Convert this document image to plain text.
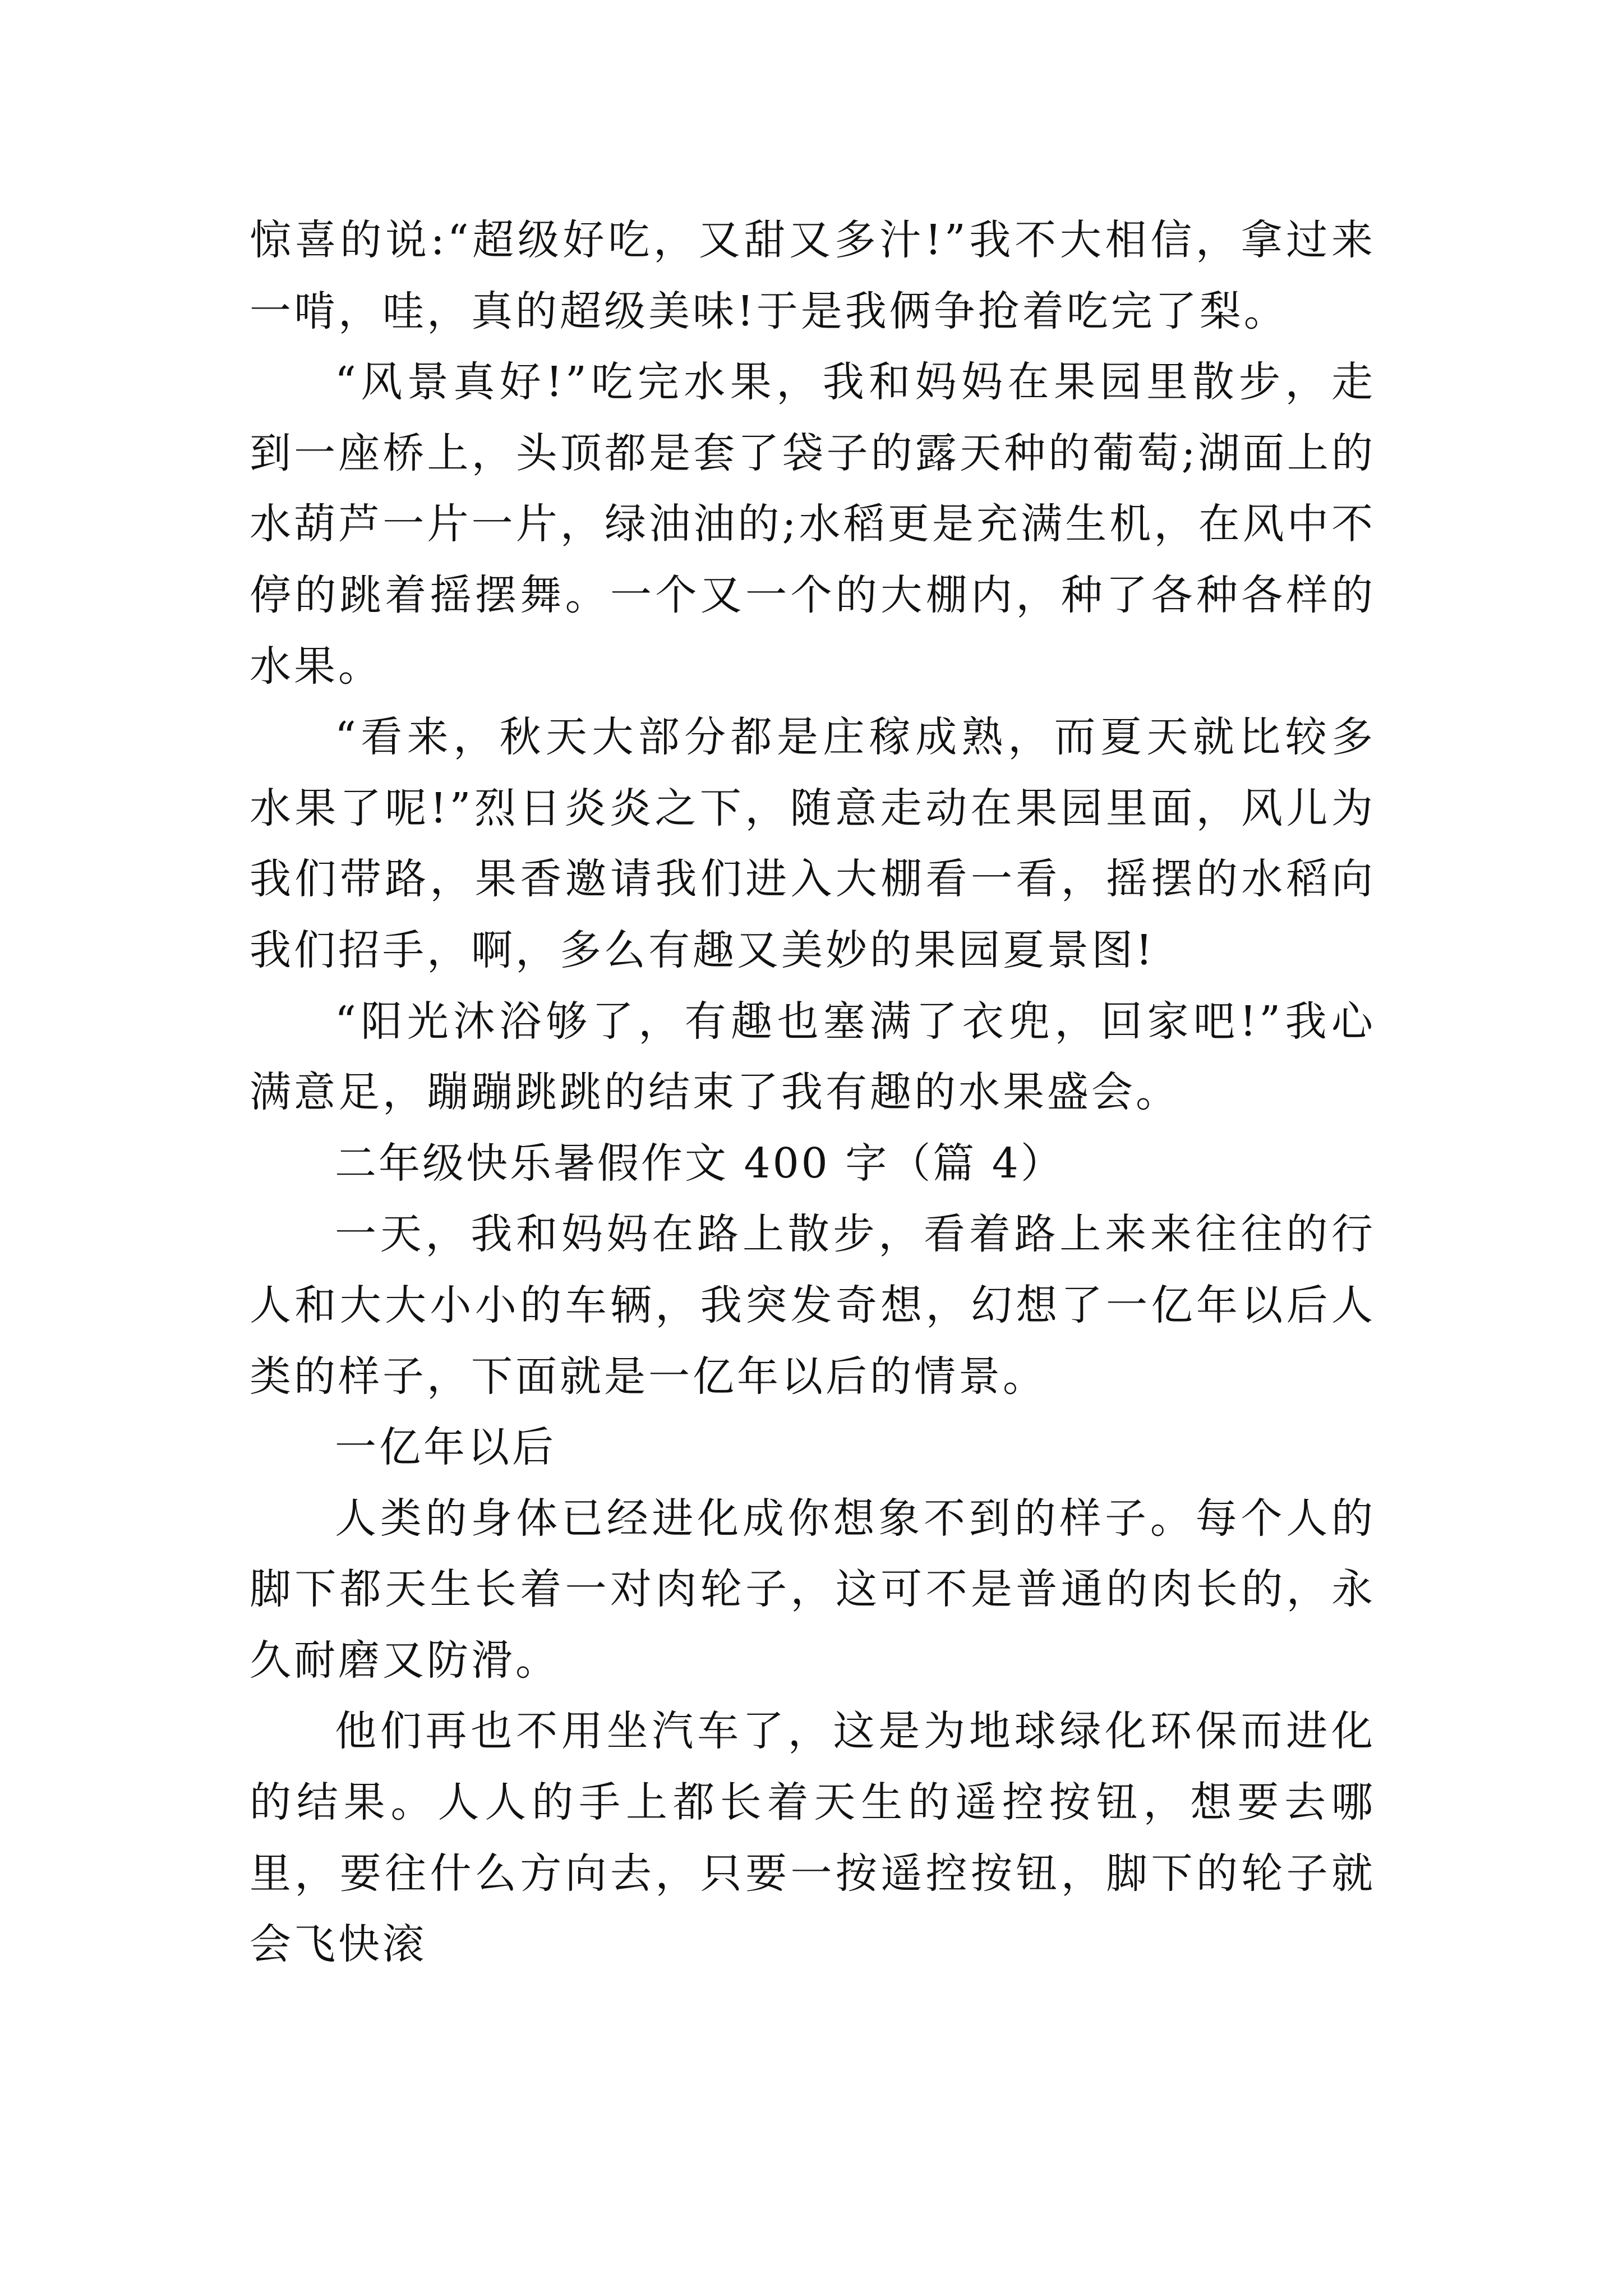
惊喜的说:“超级好吃，又甜又多汁!”我不大相信，拿过来一啃，哇，真的超级美味!于是我俩争抢着吃完了梨。

“风景真好!”吃完水果，我和妈妈在果园里散步，走到一座桥上，头顶都是套了袋子的露天种的葡萄;湖面上的水葫芦一片一片，绿油油的;水稻更是充满生机，在风中不停的跳着摇摆舞。一个又一个的大棚内，种了各种各样的水果。

“看来，秋天大部分都是庄稼成熟，而夏天就比较多水果了呢!”烈日炎炎之下，随意走动在果园里面，风儿为我们带路，果香邀请我们进入大棚看一看，摇摆的水稻向我们招手，啊，多么有趣又美妙的果园夏景图!

“阳光沐浴够了，有趣也塞满了衣兜，回家吧!”我心满意足，蹦蹦跳跳的结束了我有趣的水果盛会。

二年级快乐暑假作文 400 字（篇 4）

一天，我和妈妈在路上散步，看着路上来来往往的行人和大大小小的车辆，我突发奇想，幻想了一亿年以后人类的样子，下面就是一亿年以后的情景。

一亿年以后

人类的身体已经进化成你想象不到的样子。每个人的脚下都天生长着一对肉轮子，这可不是普通的肉长的，永久耐磨又防滑。

他们再也不用坐汽车了，这是为地球绿化环保而进化的结果。人人的手上都长着天生的遥控按钮，想要去哪里，要往什么方向去，只要一按遥控按钮，脚下的轮子就会飞快滚
